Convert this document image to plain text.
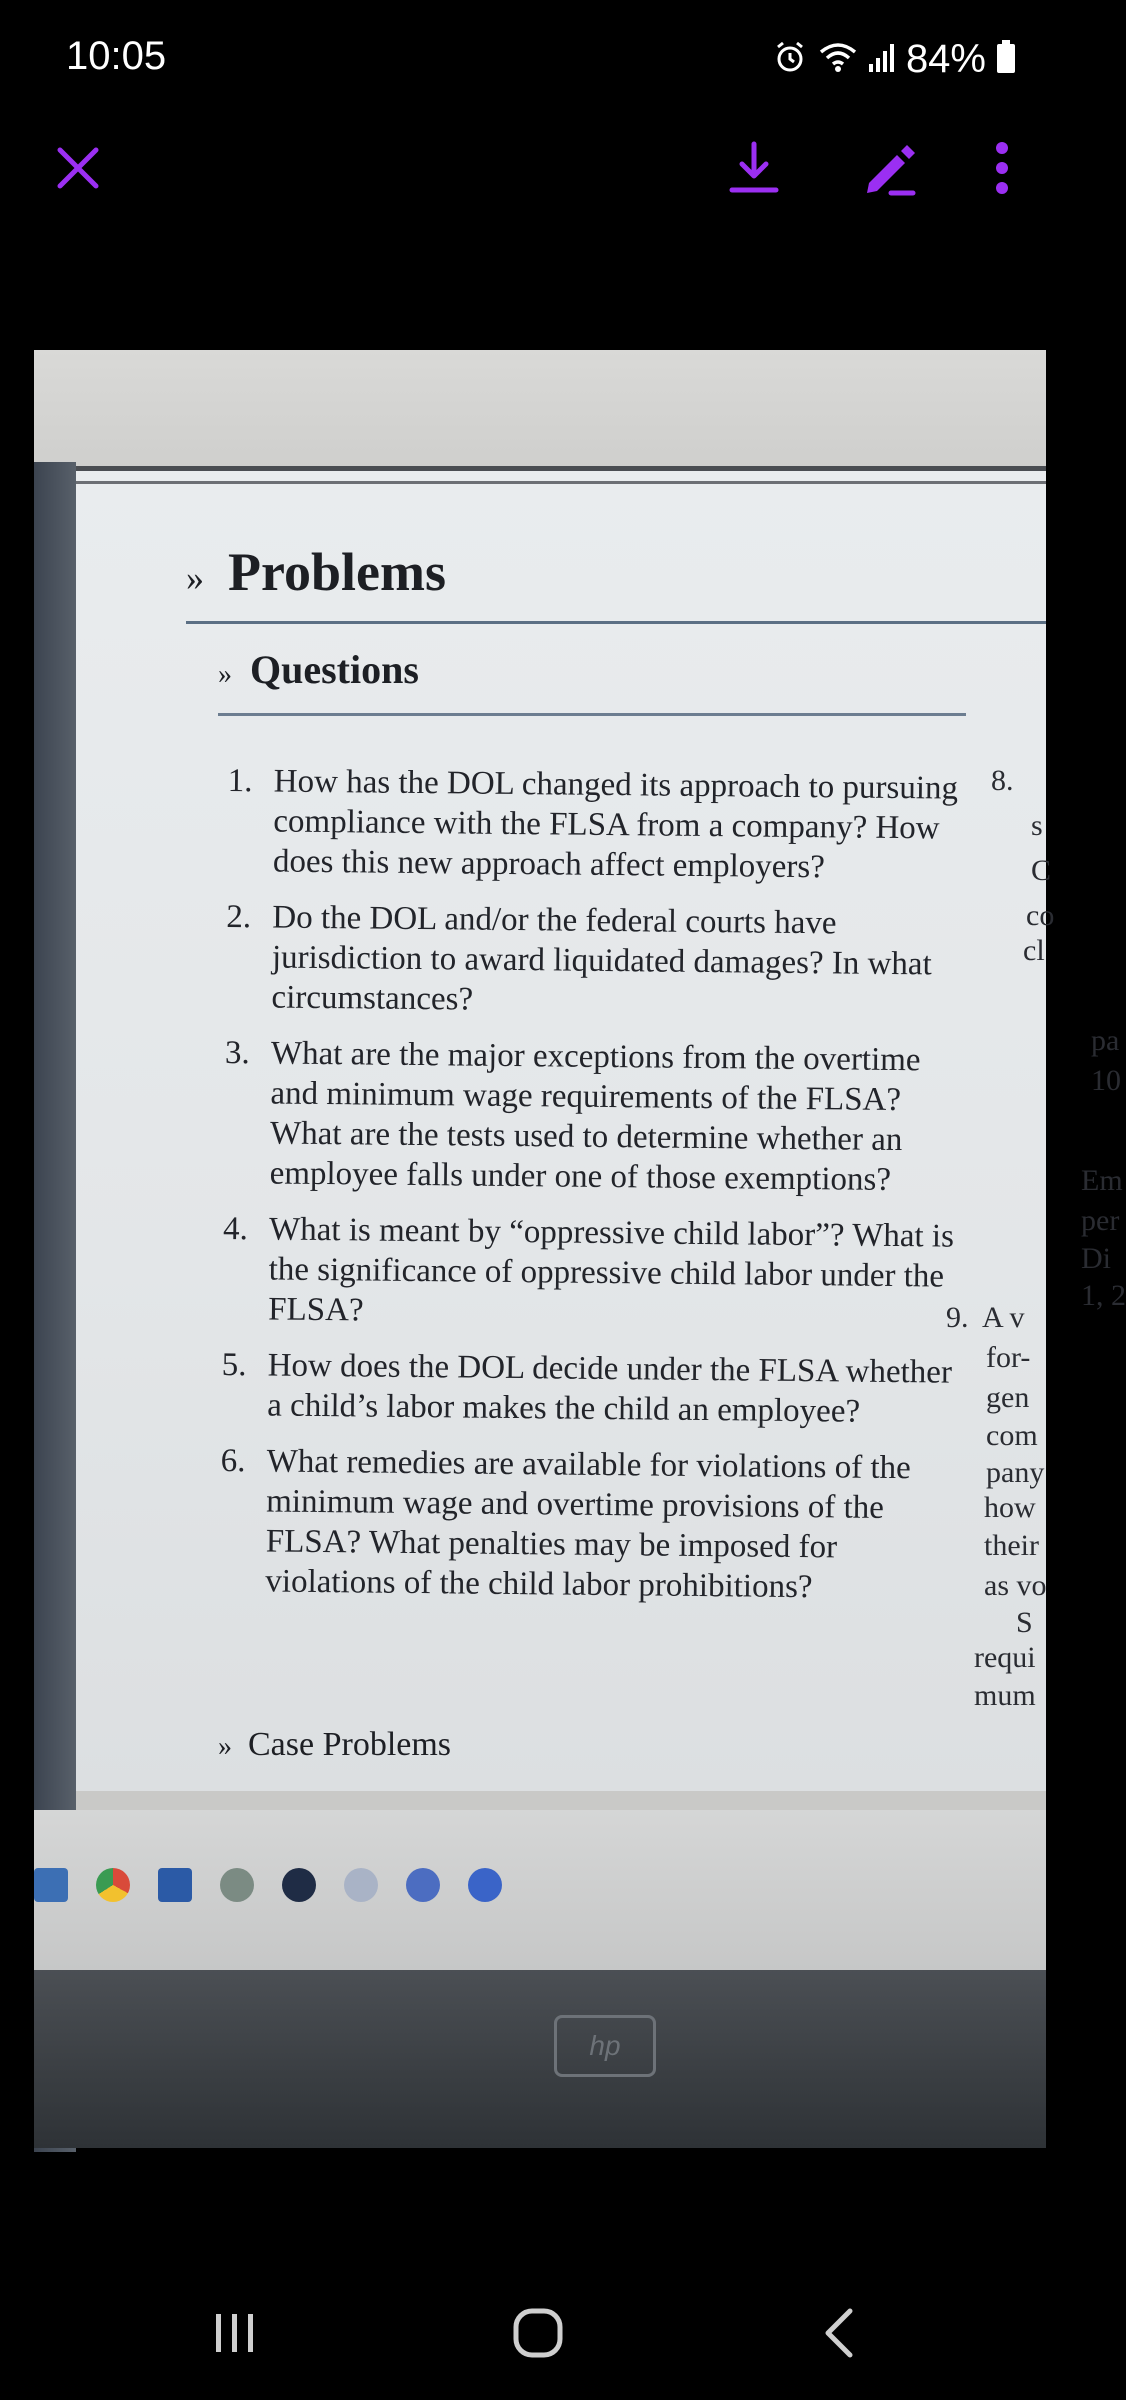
10:05	84%
» Problems
» Questions
1. How has the DOL changed its approach to pursuing compliance with the FLSA from a company? How does this new approach affect employers?
2. Do the DOL and/or the federal courts have jurisdiction to award liquidated damages? In what circumstances?
3. What are the major exceptions from the overtime and minimum wage requirements of the FLSA? What are the tests used to determine whether an employee falls under one of those exemptions?
4. What is meant by “oppressive child labor”? What is the significance of oppressive child labor under the FLSA?
5. How does the DOL decide under the FLSA whether a child’s labor makes the child an employee?
6. What remedies are available for violations of the minimum wage and overtime provisions of the FLSA? What penalties may be imposed for violations of the child labor prohibitions?
» Case Problems
8.
s
C
co
cl
pa
10
Em
per
Di
1, 2
9. A v
for-
gen
com
pany
how
their
as vo
S
requi
mum
hp
